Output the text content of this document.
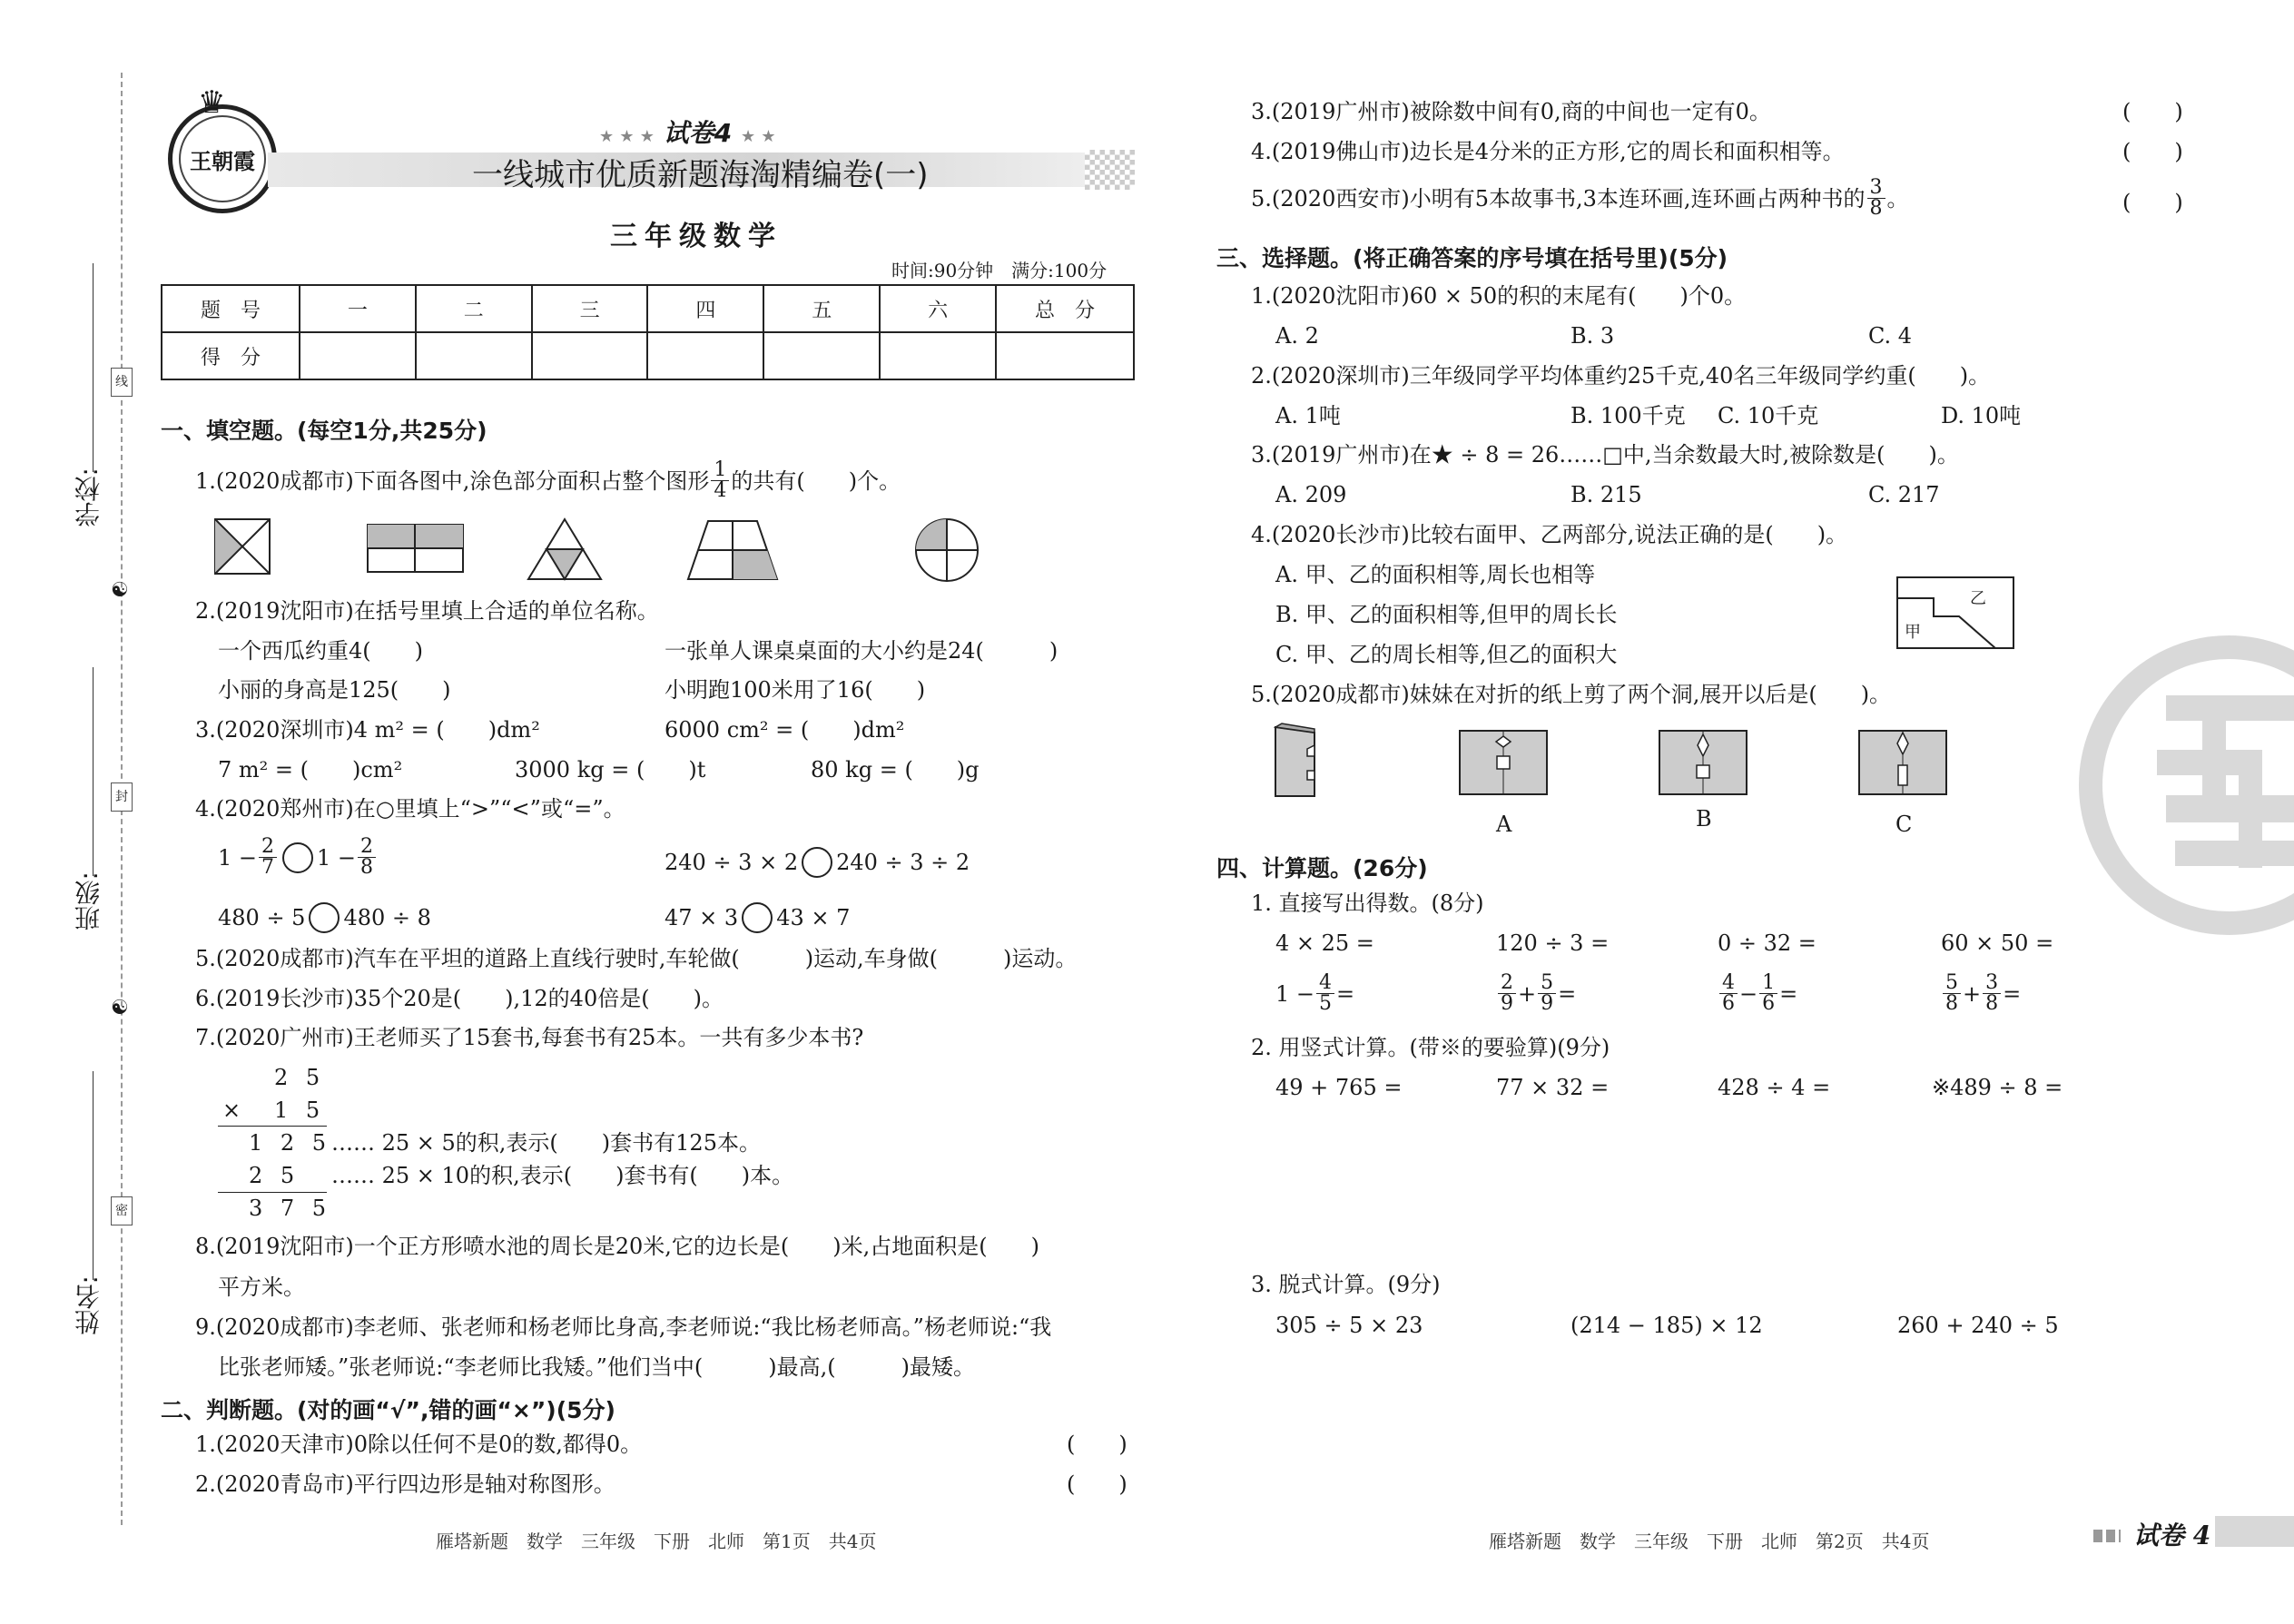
学校:
班级:
姓名:
线
封
密
☯
☯
王朝霞
♛
★ ★ ★ 试卷4 ★ ★
一线城市优质新题海淘精编卷(一)
三年级数学
时间:90分钟　满分:100分
题　号	一	二	三	四	五	六	总　分
得　分							
一、填空题。(每空1分,共25分)
1.(2020成都市)下面各图中,涂色部分面积占整个图形 $\frac{1}{4}$ 的共有(　　)个。
2.(2019沈阳市)在括号里填上合适的单位名称。
一个西瓜约重4(　　)	一张单人课桌桌面的大小约是24(　　　)
小丽的身高是125(　　)	小明跑100米用了16(　　)
3.(2020深圳市)4 m² = (　　)dm²	6000 cm² = (　　)dm²
7 m² = (　　)cm²	3000 kg = (　　)t	80 kg = (　　)g
4.(2020郑州市)在○里填上“>”“<”或“=”。
$1 - \frac{2}{7} 1 - \frac{2}{8}$	240 ÷ 3 × 2 240 ÷ 3 ÷ 2
480 ÷ 5 480 ÷ 8	47 × 3 43 × 7
5.(2020成都市)汽车在平坦的道路上直线行驶时,车轮做(　　　)运动,车身做(　　　)运动。
6.(2019长沙市)35个20是(　　),12的40倍是(　　)。
7.(2020广州市)王老师买了15套书,每套书有25本。一共有多少本书?
2 5
× 1 5
1 2 5 …… 25 × 5的积,表示(　　)套书有125本。
2 5 …… 25 × 10的积,表示(　　)套书有(　　)本。
3 7 5
8.(2019沈阳市)一个正方形喷水池的周长是20米,它的边长是(　　)米,占地面积是(　　)
平方米。
9.(2020成都市)李老师、张老师和杨老师比身高,李老师说:“我比杨老师高。”杨老师说:“我
比张老师矮。”张老师说:“李老师比我矮。”他们当中(　　　)最高,(　　　)最矮。
二、判断题。(对的画“√”,错的画“×”)(5分)
1.(2020天津市)0除以任何不是0的数,都得0。	(　　)
2.(2020青岛市)平行四边形是轴对称图形。	(　　)
雁塔新题　数学　三年级　下册　北师　第1页　共4页
3.(2019广州市)被除数中间有0,商的中间也一定有0。	(　　)
4.(2019佛山市)边长是4分米的正方形,它的周长和面积相等。	(　　)
5.(2020西安市)小明有5本故事书,3本连环画,连环画占两种书的 $\frac{3}{8}$ 。	(　　)
三、选择题。(将正确答案的序号填在括号里)(5分)
1.(2020沈阳市)60 × 50的积的末尾有(　　)个0。
A. 2	B. 3	C. 4
2.(2020深圳市)三年级同学平均体重约25千克,40名三年级同学约重(　　)。
A. 1吨	B. 100千克 C. 10千克	D. 10吨
3.(2019广州市)在★ ÷ 8 = 26……□中,当余数最大时,被除数是(　　)。
A. 209	B. 215	C. 217
4.(2020长沙市)比较右面甲、乙两部分,说法正确的是(　　)。
A. 甲、乙的面积相等,周长也相等
B. 甲、乙的面积相等,但甲的周长长
C. 甲、乙的周长相等,但乙的面积大
甲
乙
5.(2020成都市)妹妹在对折的纸上剪了两个洞,展开以后是(　　)。
A	B	C
四、计算题。(26分)
1. 直接写出得数。(8分)
4 × 25 =	120 ÷ 3 =	0 ÷ 32 =	60 × 50 =
$1 - \frac{4}{5}$ =	$\frac{2}{9} + \frac{5}{9}$ =	$\frac{4}{6} - \frac{1}{6}$ =	$\frac{5}{8} + \frac{3}{8}$ =
2. 用竖式计算。(带※的要验算)(9分)
49 + 765 =	77 × 32 =	428 ÷ 4 =	※489 ÷ 8 =
3. 脱式计算。(9分)
305 ÷ 5 × 23	(214 − 185) × 12	260 + 240 ÷ 5
雁塔新题　数学　三年级　下册　北师　第2页　共4页	试卷 4
